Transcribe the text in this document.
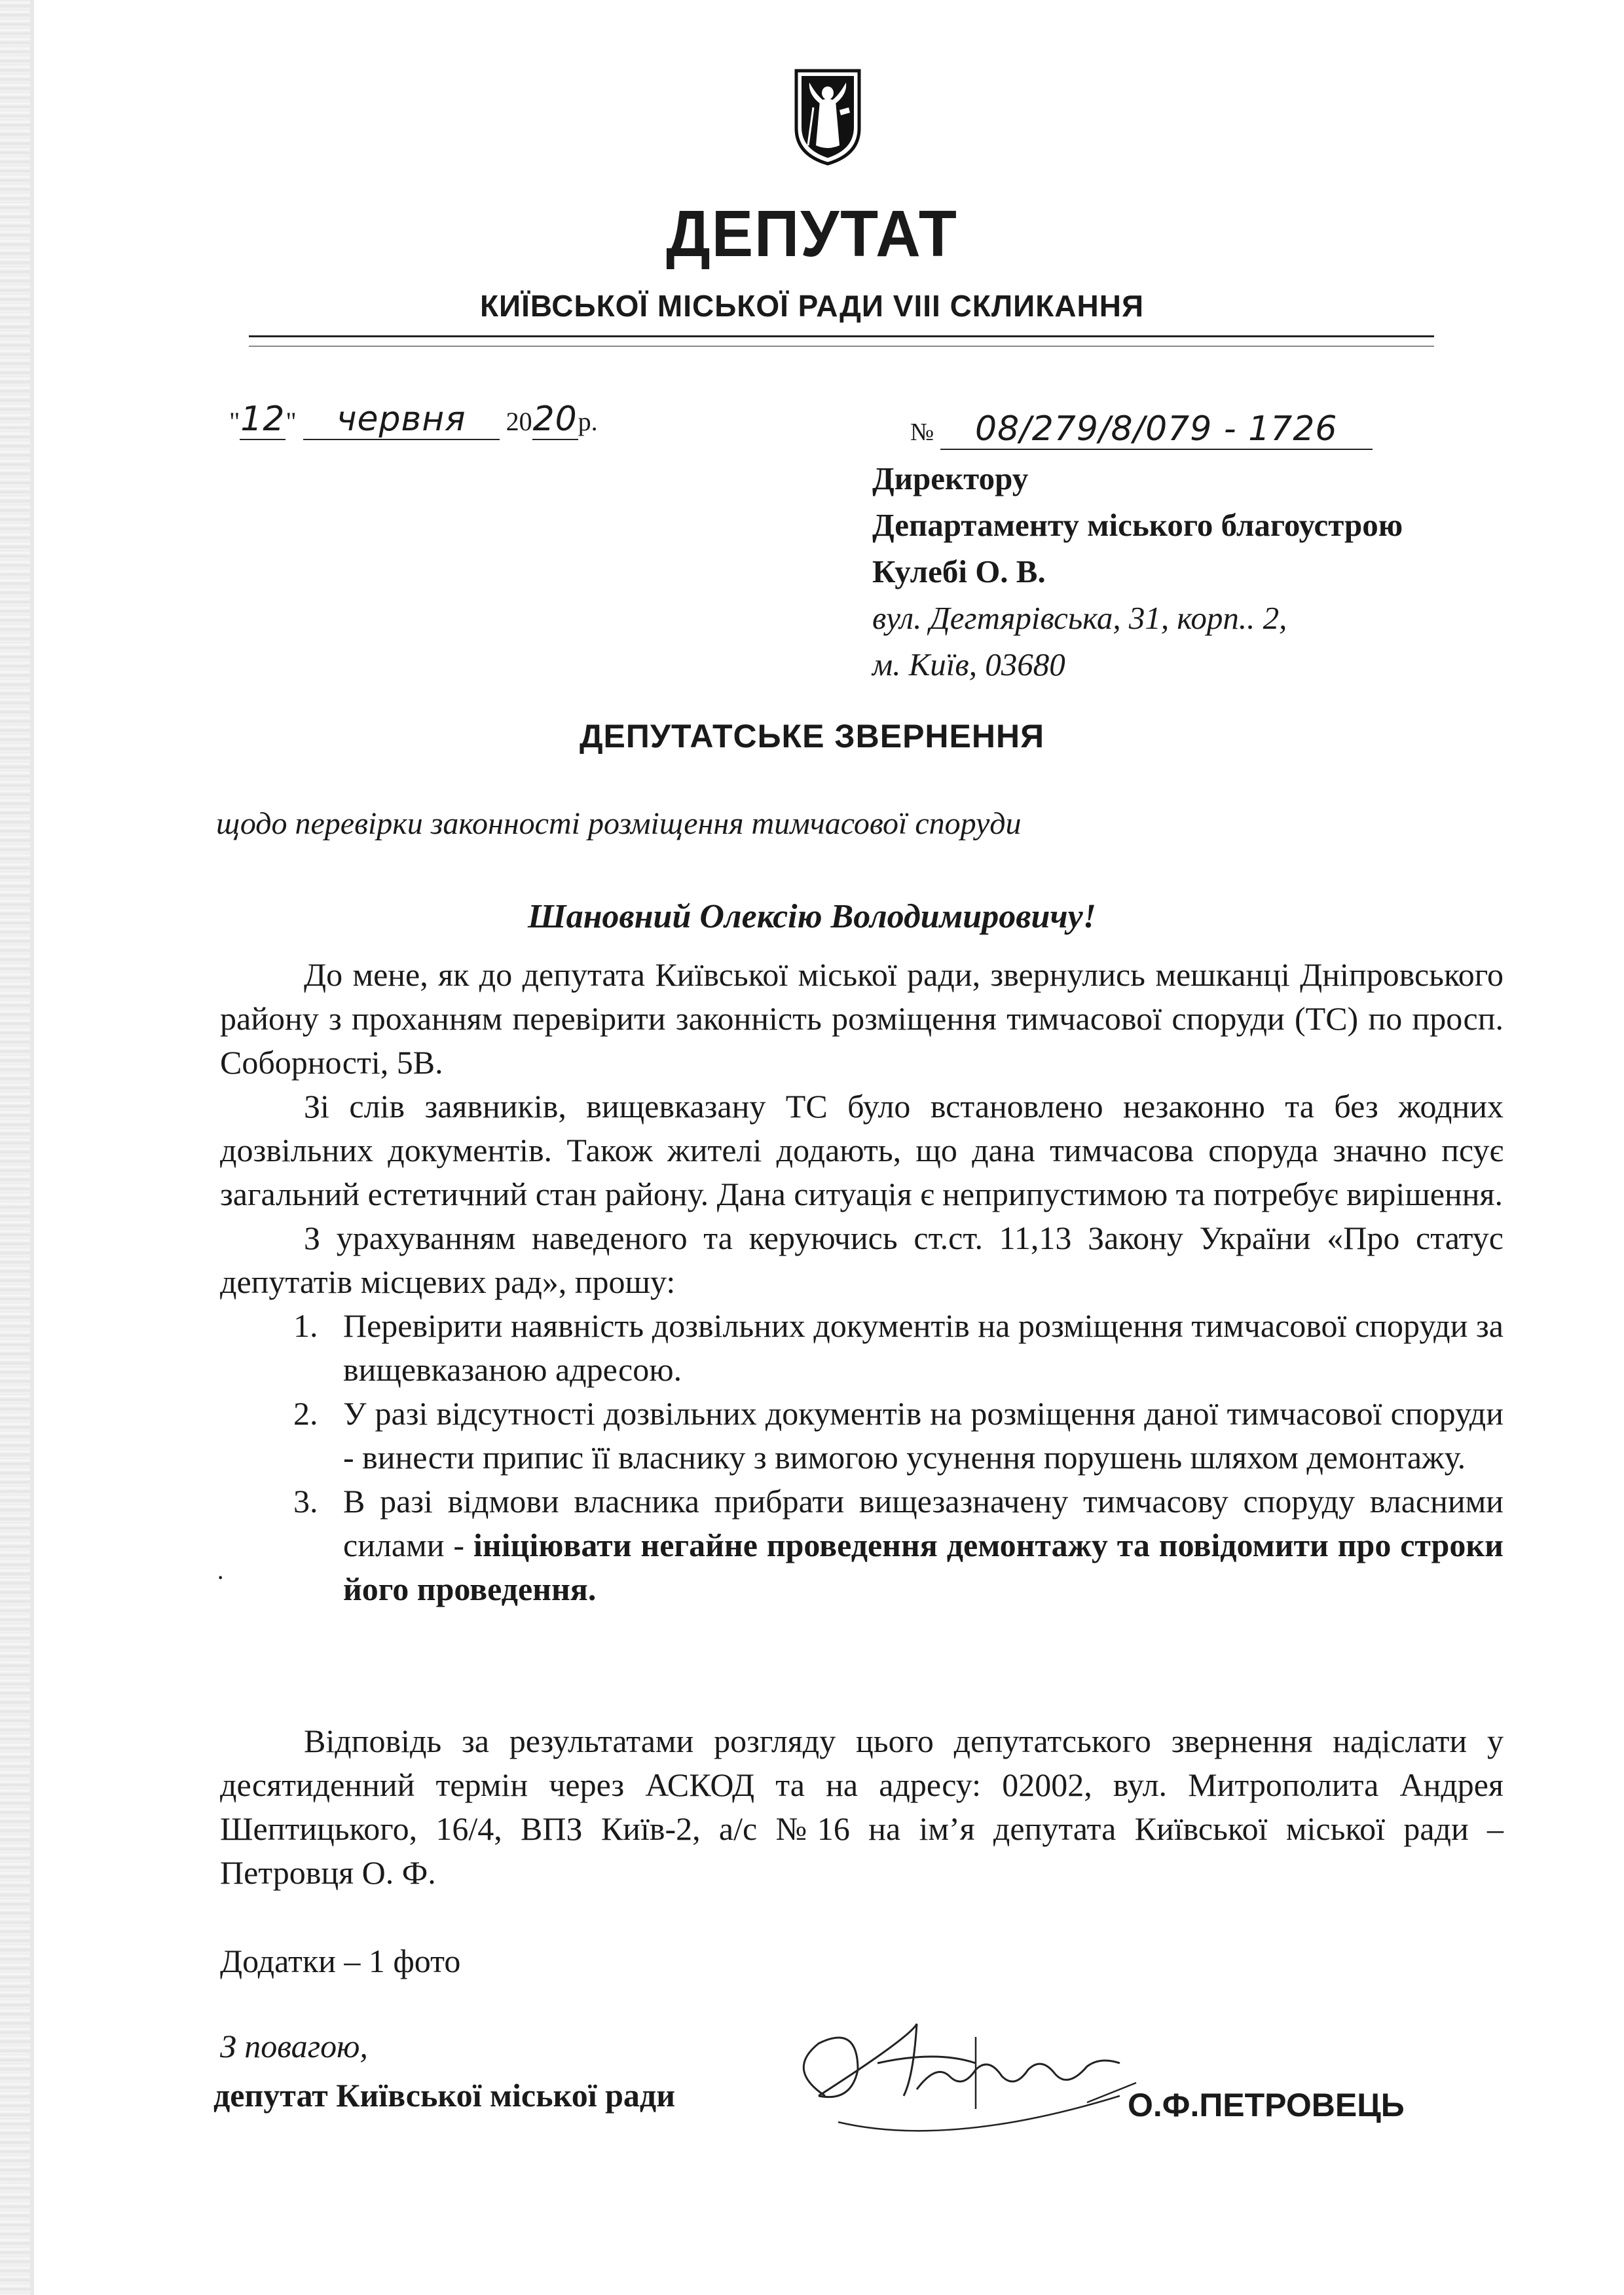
ДЕПУТАТ
КИЇВСЬКОЇ МІСЬКОЇ РАДИ VIII СКЛИКАННЯ
"12" червня 2020р.	№ 08/279/8/079 - 1726
Директору
Департаменту міського благоустрою
Кулебі О. В.
вул. Дегтярівська, 31, корп.. 2,
м. Київ, 03680
ДЕПУТАТСЬКЕ ЗВЕРНЕННЯ
щодо перевірки законності розміщення тимчасової споруди
Шановний Олексію Володимировичу!

До мене, як до депутата Київської міської ради, звернулись мешканці Дніпровського району з проханням перевірити законність розміщення тимчасової споруди (ТС) по просп. Соборності, 5В.

Зі слів заявників, вищевказану ТС було встановлено незаконно та без жодних дозвільних документів. Також жителі додають, що дана тимчасова споруда значно псує загальний естетичний стан району. Дана ситуація є неприпустимою та потребує вирішення.

З урахуванням наведеного та керуючись ст.ст. 11,13 Закону України «Про статус депутатів місцевих рад», прошу:

1. Перевірити наявність дозвільних документів на розміщення тимчасової споруди за вищевказаною адресою.
2. У разі відсутності дозвільних документів на розміщення даної тимчасової споруди - винести припис її власнику з вимогою усунення порушень шляхом демонтажу.
3. В разі відмови власника прибрати вищезазначену тимчасову споруду власними силами - ініціювати негайне проведення демонтажу та повідомити про строки його проведення.
·

Відповідь за результатами розгляду цього депутатського звернення надіслати у десятиденний термін через АСКОД та на адресу: 02002, вул. Митрополита Андрея Шептицького, 16/4, ВПЗ Київ-2, а/с №16 на ім’я депутата Київської міської ради – Петровця О. Ф.

Додатки – 1 фото
З повагою,
депутат Київської міської ради	О.Ф.ПЕТРОВЕЦЬ
